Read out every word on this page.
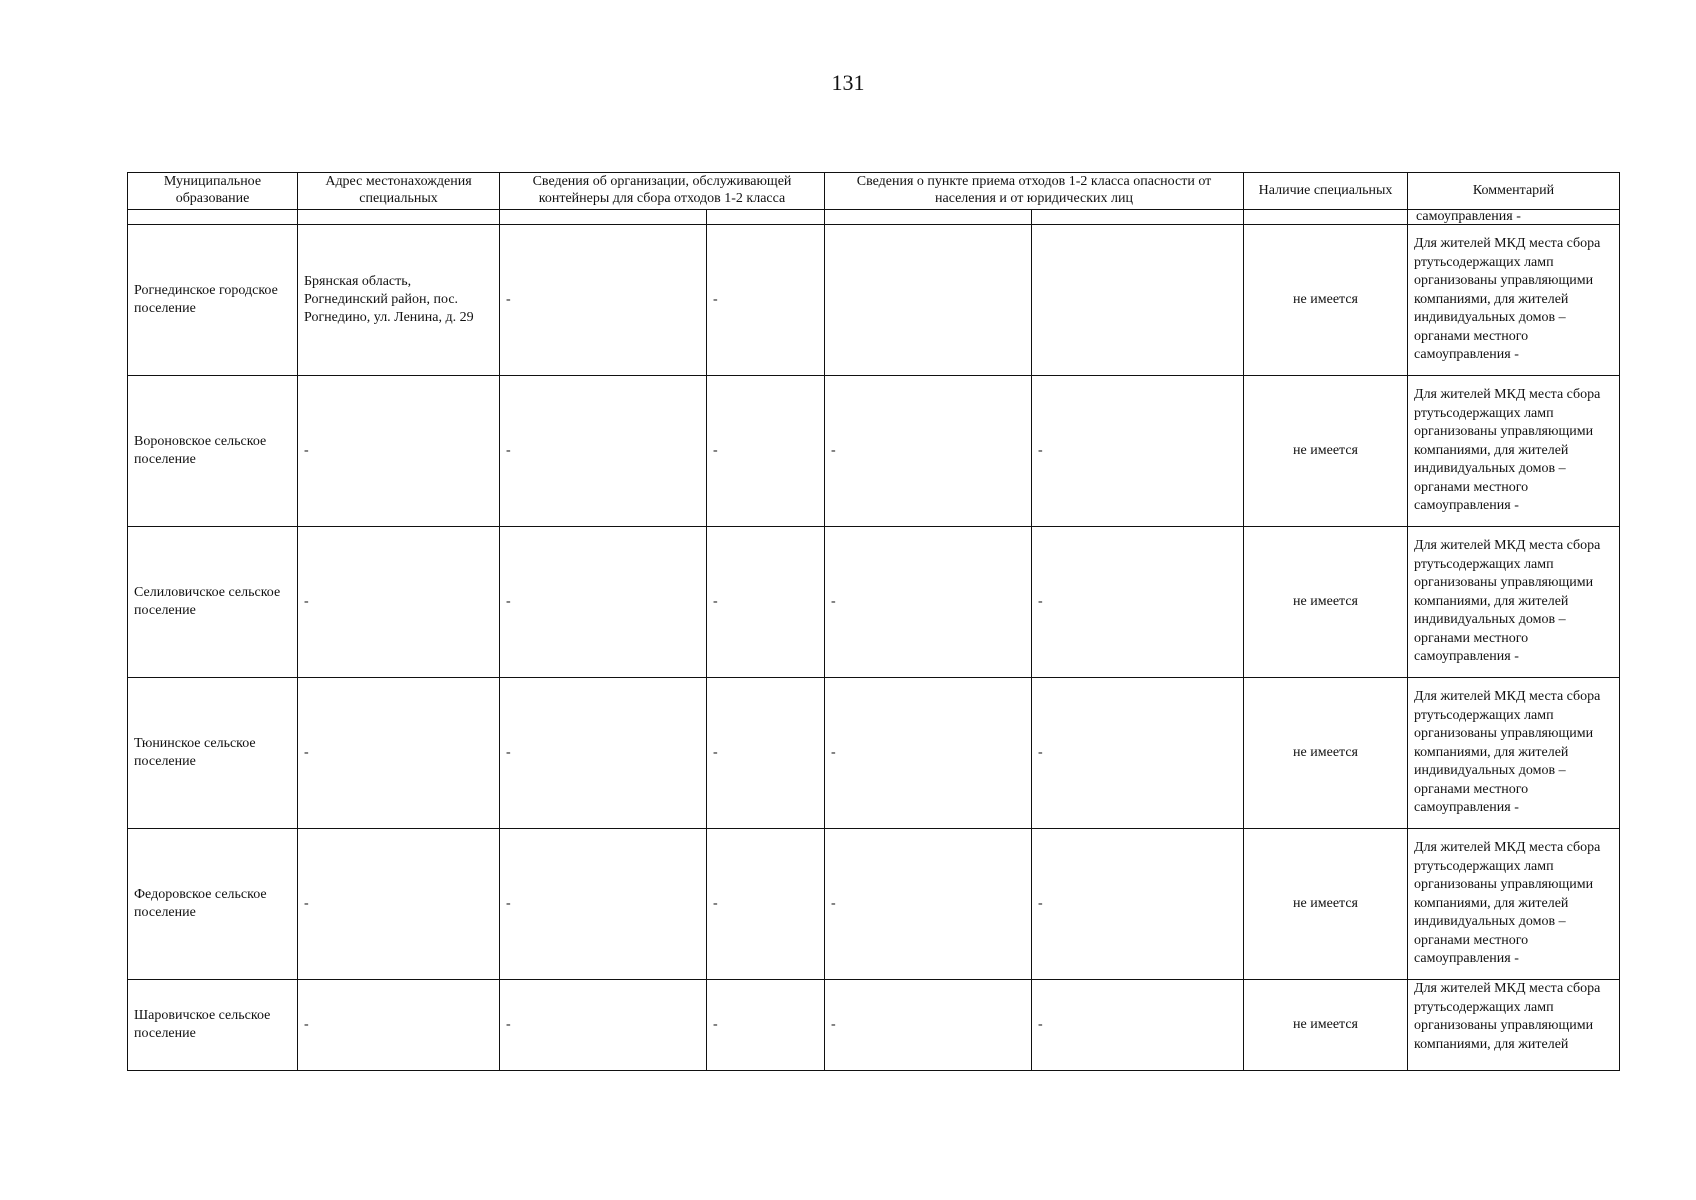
131
Муниципальное образование	Адрес местонахождения специальных	Сведения об организации, обслуживающей контейнеры для сбора отходов 1-2 класса		Сведения о пункте приема отходов 1-2 класса опасности от населения и от юридических лиц		Наличие специальных	Комментарий
							самоуправления -
Рогнединское городское поселение	Брянская область, Рогнединский район, пос. Рогнедино, ул. Ленина, д. 29	-	-			не имеется	Для жителей МКД места сбора ртутьсодержащих ламп организованы управляющими компаниями, для жителей индивидуальных домов – органами местного самоуправления -
Вороновское сельское поселение	-	-	-	-	-	не имеется	Для жителей МКД места сбора ртутьсодержащих ламп организованы управляющими компаниями, для жителей индивидуальных домов – органами местного самоуправления -
Селиловичское сельское поселение	-	-	-	-	-	не имеется	Для жителей МКД места сбора ртутьсодержащих ламп организованы управляющими компаниями, для жителей индивидуальных домов – органами местного самоуправления -
Тюнинское сельское поселение	-	-	-	-	-	не имеется	Для жителей МКД места сбора ртутьсодержащих ламп организованы управляющими компаниями, для жителей индивидуальных домов – органами местного самоуправления -
Федоровское сельское поселение	-	-	-	-	-	не имеется	Для жителей МКД места сбора ртутьсодержащих ламп организованы управляющими компаниями, для жителей индивидуальных домов – органами местного самоуправления -
Шаровичское сельское поселение	-	-	-	-	-	не имеется	Для жителей МКД места сбора ртутьсодержащих ламп организованы управляющими компаниями, для жителей
